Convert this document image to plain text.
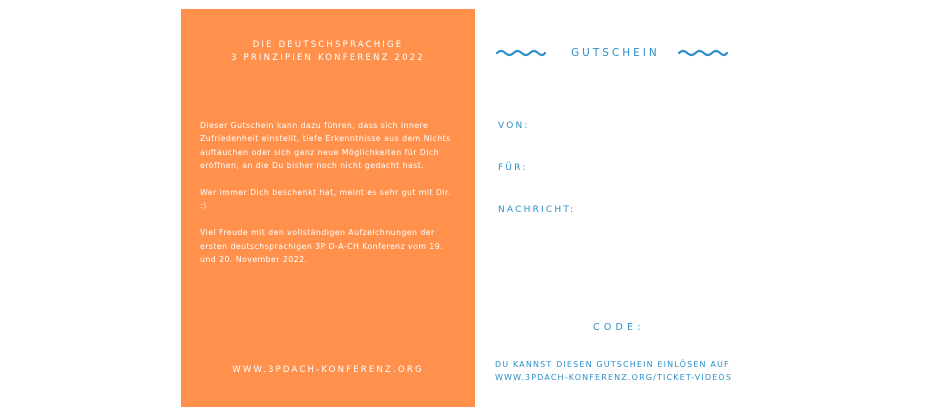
DIE DEUTSCHSPRACHIGE
3 PRINZIPIEN KONFERENZ 2022

Dieser Gutschein kann dazu führen, dass sich innere Zufriedenheit einstellt, tiefe Erkenntnisse aus dem Nichts auftauchen oder sich ganz neue Möglichkeiten für Dich eröffnen, an die Du bisher noch nicht gedacht hast.

Wer immer Dich beschenkt hat, meint es sehr gut mit Dir. :)

Viel Freude mit den vollständigen Aufzeichnungen der ersten deutschsprachigen 3P D-A-CH Konferenz vom 19. und 20. November 2022.

WWW.3PDACH-KONFERENZ.ORG
GUTSCHEIN
VON:
FÜR:
NACHRICHT:
CODE:
DU KANNST DIESEN GUTSCHEIN EINLÖSEN AUF
WWW.3PDACH-KONFERENZ.ORG/TICKET-VIDEOS
